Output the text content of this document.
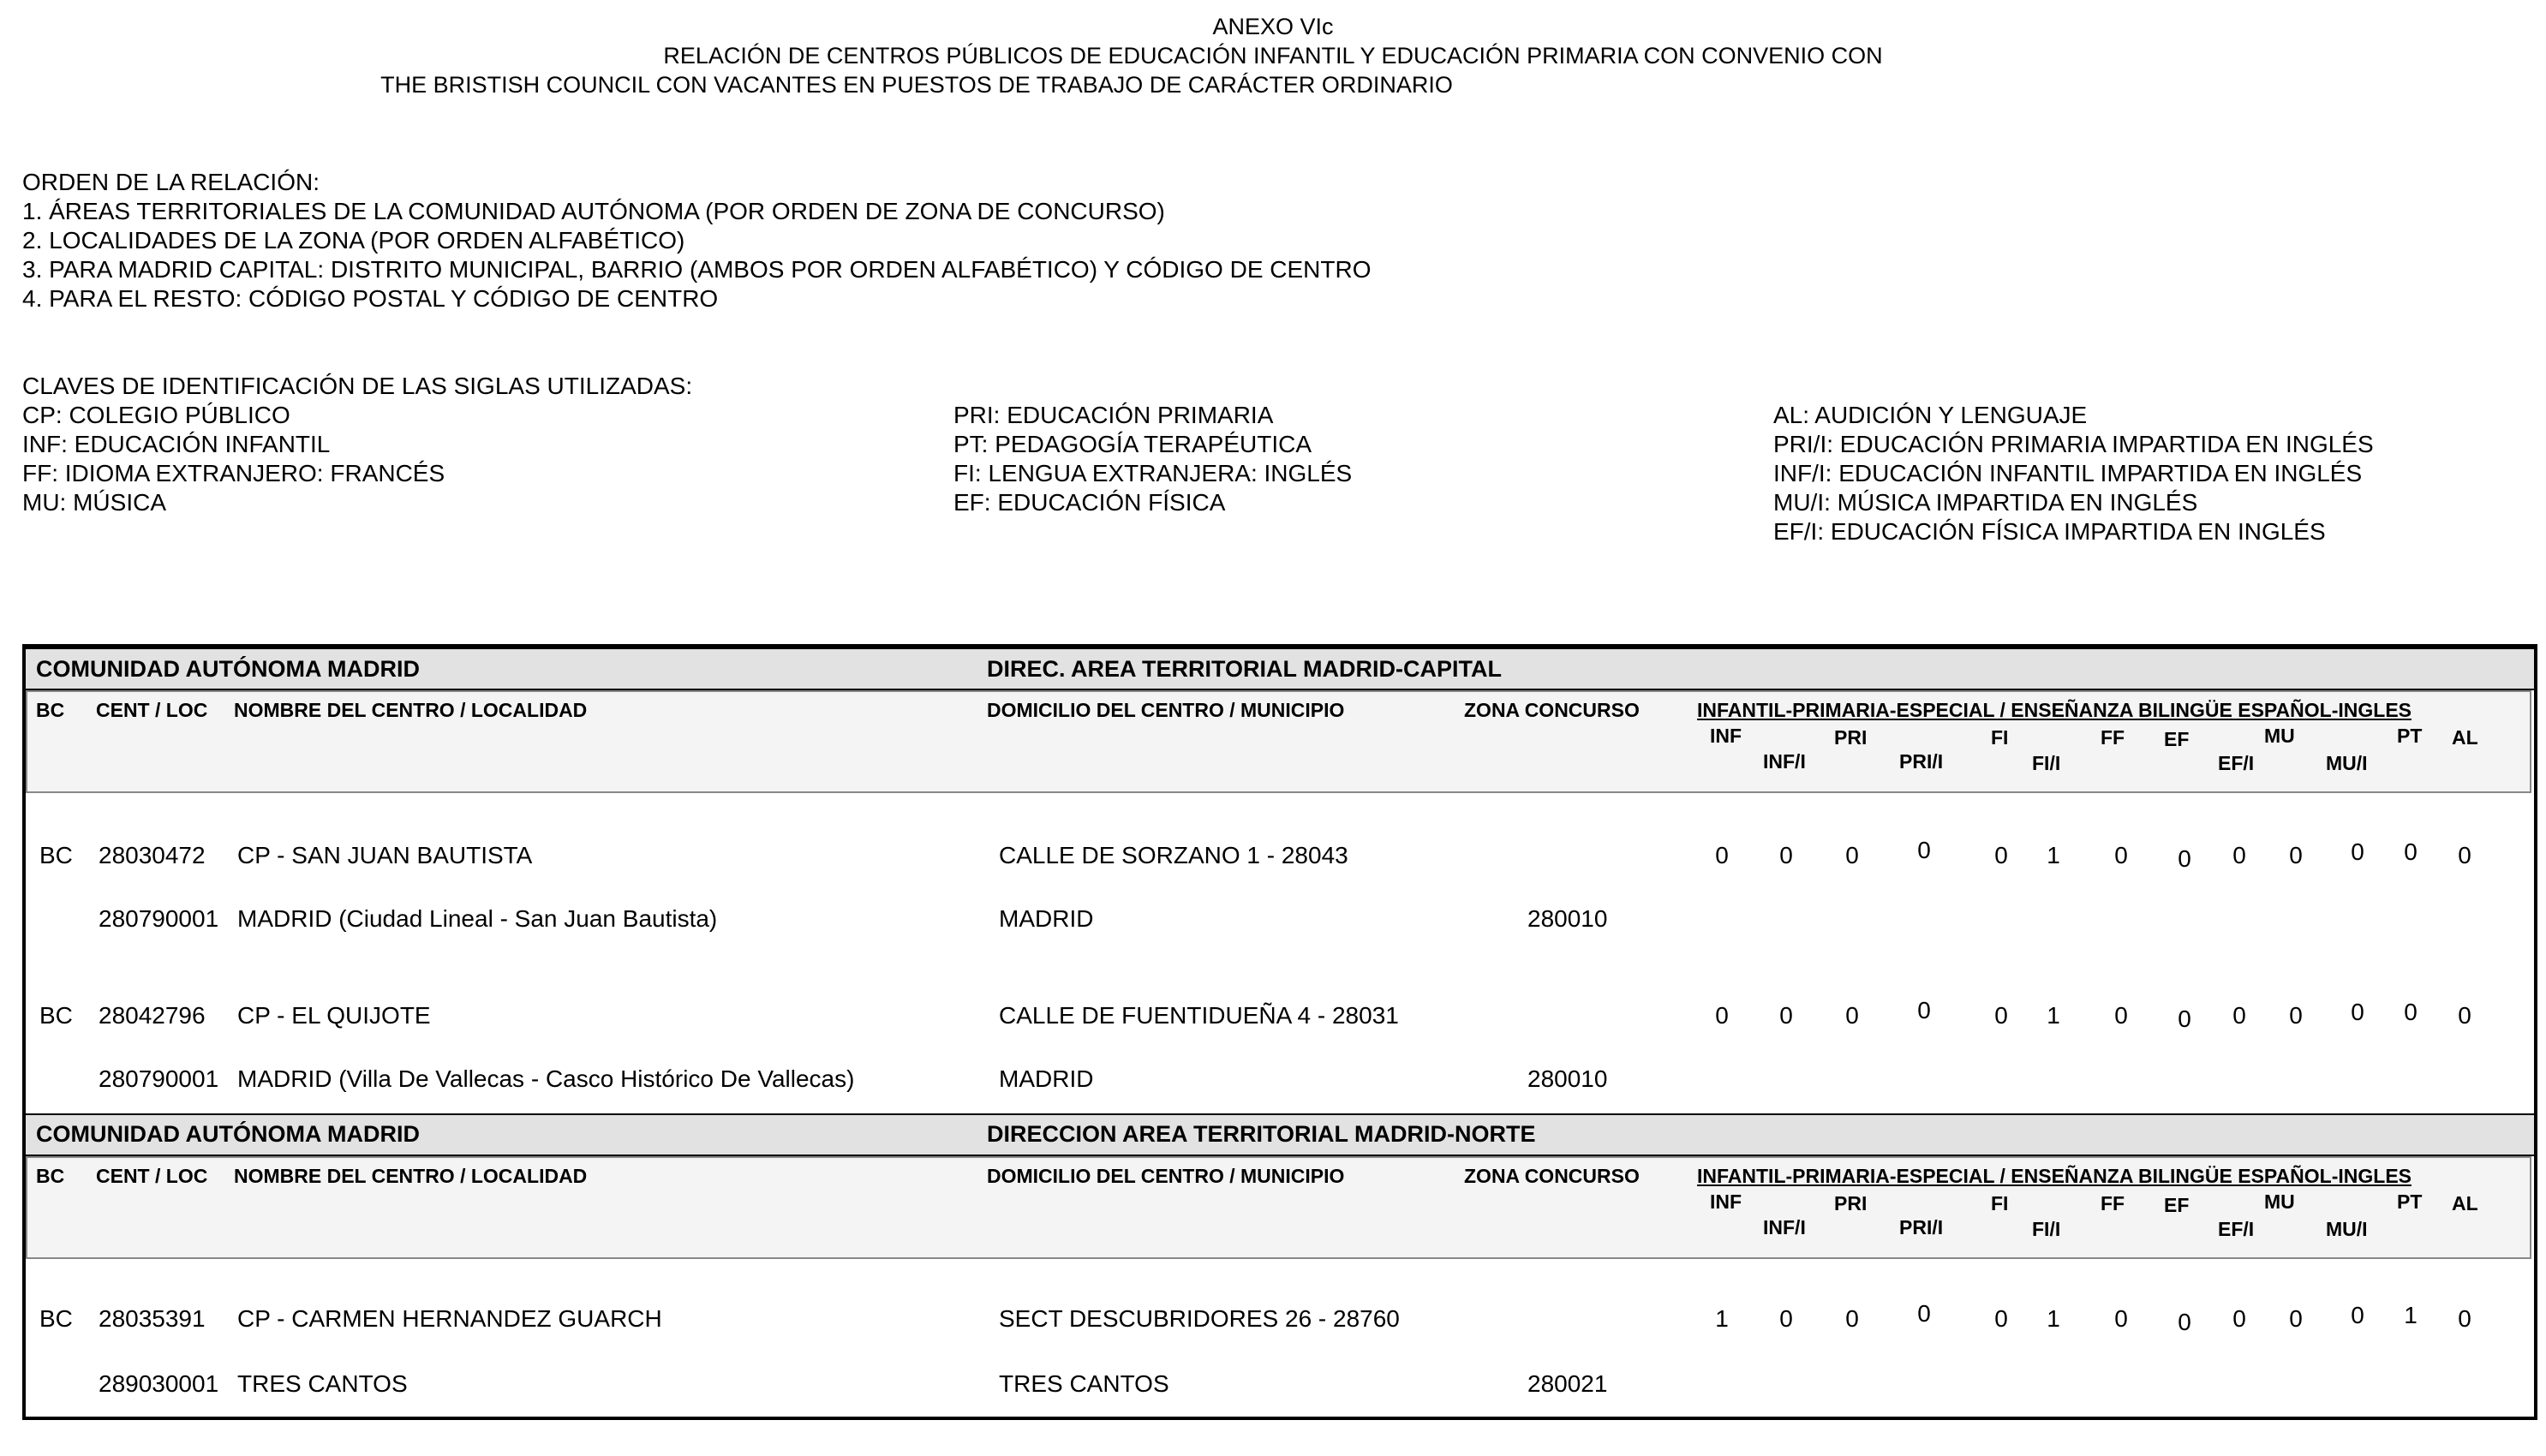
ANEXO VIc
RELACIÓN DE CENTROS PÚBLICOS DE EDUCACIÓN INFANTIL Y EDUCACIÓN PRIMARIA CON CONVENIO CON
THE BRISTISH COUNCIL CON VACANTES EN PUESTOS DE TRABAJO DE CARÁCTER ORDINARIO
ORDEN DE LA RELACIÓN:
1. ÁREAS TERRITORIALES DE LA COMUNIDAD AUTÓNOMA (POR ORDEN DE ZONA DE CONCURSO)
2. LOCALIDADES DE LA ZONA (POR ORDEN ALFABÉTICO)
3. PARA MADRID CAPITAL: DISTRITO MUNICIPAL, BARRIO (AMBOS POR ORDEN ALFABÉTICO) Y CÓDIGO DE CENTRO
4. PARA EL RESTO: CÓDIGO POSTAL Y CÓDIGO DE CENTRO
CLAVES DE IDENTIFICACIÓN DE LAS SIGLAS UTILIZADAS:
CP: COLEGIO PÚBLICO
INF: EDUCACIÓN INFANTIL
FF: IDIOMA EXTRANJERO: FRANCÉS
MU: MÚSICA
PRI: EDUCACIÓN PRIMARIA
PT: PEDAGOGÍA TERAPÉUTICA
FI: LENGUA EXTRANJERA: INGLÉS
EF: EDUCACIÓN FÍSICA
AL: AUDICIÓN Y LENGUAJE
PRI/I: EDUCACIÓN PRIMARIA IMPARTIDA EN INGLÉS
INF/I: EDUCACIÓN INFANTIL IMPARTIDA EN INGLÉS
MU/I: MÚSICA IMPARTIDA EN INGLÉS
EF/I: EDUCACIÓN FÍSICA IMPARTIDA EN INGLÉS
COMUNIDAD AUTÓNOMA MADRID	DIREC. AREA TERRITORIAL MADRID-CAPITAL
BC CENT / LOC NOMBRE DEL CENTRO / LOCALIDAD	DOMICILIO DEL CENTRO / MUNICIPIO	ZONA CONCURSO	INFANTIL-PRIMARIA-ESPECIAL / ENSEÑANZA BILINGÜE ESPAÑOL-INGLES
INF	PRI	FI	FF EF	MU	PT AL
INF/I	PRI/I	FI/I	EF/I	MU/I
BC 28030472 CP - SAN JUAN BAUTISTA	CALLE DE SORZANO 1 - 28043	0	0	0	0	0	1	0	0	0	0	0	0	0
280790001 MADRID (Ciudad Lineal - San Juan Bautista)	MADRID	280010
BC 28042796 CP - EL QUIJOTE	CALLE DE FUENTIDUEÑA 4 - 28031	0	0	0	0	0	1	0	0	0	0	0	0	0
280790001 MADRID (Villa De Vallecas - Casco Histórico De Vallecas)	MADRID	280010
COMUNIDAD AUTÓNOMA MADRID	DIRECCION AREA TERRITORIAL MADRID-NORTE
BC CENT / LOC NOMBRE DEL CENTRO / LOCALIDAD	DOMICILIO DEL CENTRO / MUNICIPIO	ZONA CONCURSO	INFANTIL-PRIMARIA-ESPECIAL / ENSEÑANZA BILINGÜE ESPAÑOL-INGLES
INF	PRI	FI	FF EF	MU	PT AL
INF/I	PRI/I	FI/I	EF/I	MU/I
BC 28035391 CP - CARMEN HERNANDEZ GUARCH	SECT DESCUBRIDORES 26 - 28760	1	0	0	0	0	1	0	0	0	0	0	1	0
289030001 TRES CANTOS	TRES CANTOS	280021
